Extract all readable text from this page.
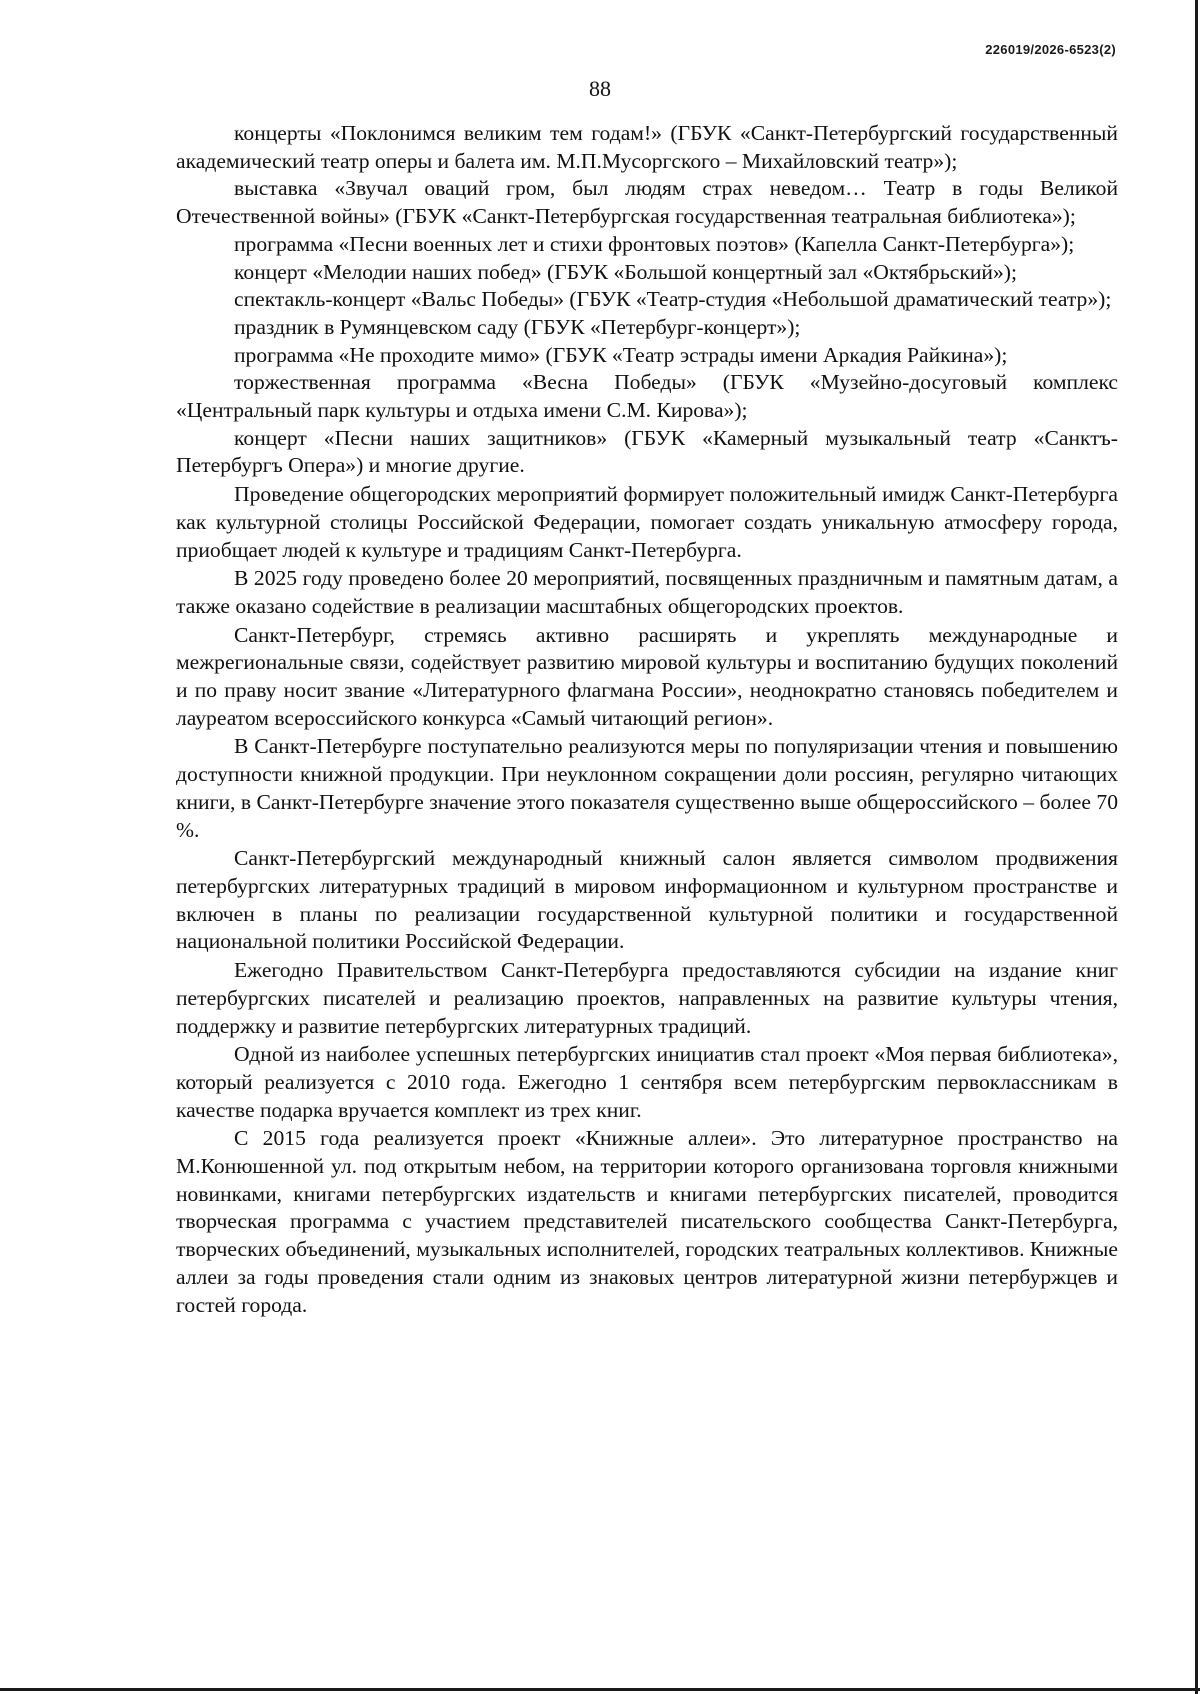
226019/2026-6523(2)
88

концерты «Поклонимся великим тем годам!» (ГБУК «Санкт-Петербургский государственный академический театр оперы и балета им. М.П.Мусоргского – Михайловский театр»);

выставка «Звучал оваций гром, был людям страх неведом… Театр в годы Великой Отечественной войны» (ГБУК «Санкт-Петербургская государственная театральная библиотека»);

программа «Песни военных лет и стихи фронтовых поэтов» (Капелла Санкт-Петербурга»);

концерт «Мелодии наших побед» (ГБУК «Большой концертный зал «Октябрьский»);

спектакль-концерт «Вальс Победы» (ГБУК «Театр-студия «Небольшой драматический театр»);

праздник в Румянцевском саду (ГБУК «Петербург-концерт»);

программа «Не проходите мимо» (ГБУК «Театр эстрады имени Аркадия Райкина»);

торжественная программа «Весна Победы» (ГБУК «Музейно-досуговый комплекс «Центральный парк культуры и отдыха имени С.М. Кирова»);

концерт «Песни наших защитников» (ГБУК «Камерный музыкальный театр «Санктъ-Петербургъ Опера») и многие другие.

Проведение общегородских мероприятий формирует положительный имидж Санкт-Петербурга как культурной столицы Российской Федерации, помогает создать уникальную атмосферу города, приобщает людей к культуре и традициям Санкт-Петербурга.

В 2025 году проведено более 20 мероприятий, посвященных праздничным и памятным датам, а также оказано содействие в реализации масштабных общегородских проектов.

Санкт-Петербург, стремясь активно расширять и укреплять международные и межрегиональные связи, содействует развитию мировой культуры и воспитанию будущих поколений и по праву носит звание «Литературного флагмана России», неоднократно становясь победителем и лауреатом всероссийского конкурса «Самый читающий регион».

В Санкт-Петербурге поступательно реализуются меры по популяризации чтения и повышению доступности книжной продукции. При неуклонном сокращении доли россиян, регулярно читающих книги, в Санкт-Петербурге значение этого показателя существенно выше общероссийского – более 70 %.

Санкт-Петербургский международный книжный салон является символом продвижения петербургских литературных традиций в мировом информационном и культурном пространстве и включен в планы по реализации государственной культурной политики и государственной национальной политики Российской Федерации.

Ежегодно Правительством Санкт-Петербурга предоставляются субсидии на издание книг петербургских писателей и реализацию проектов, направленных на развитие культуры чтения, поддержку и развитие петербургских литературных традиций.

Одной из наиболее успешных петербургских инициатив стал проект «Моя первая библиотека», который реализуется с 2010 года. Ежегодно 1 сентября всем петербургским первоклассникам в качестве подарка вручается комплект из трех книг.

С 2015 года реализуется проект «Книжные аллеи». Это литературное пространство на М.Конюшенной ул. под открытым небом, на территории которого организована торговля книжными новинками, книгами петербургских издательств и книгами петербургских писателей, проводится творческая программа с участием представителей писательского сообщества Санкт-Петербурга, творческих объединений, музыкальных исполнителей, городских театральных коллективов. Книжные аллеи за годы проведения стали одним из знаковых центров литературной жизни петербуржцев и гостей города.
